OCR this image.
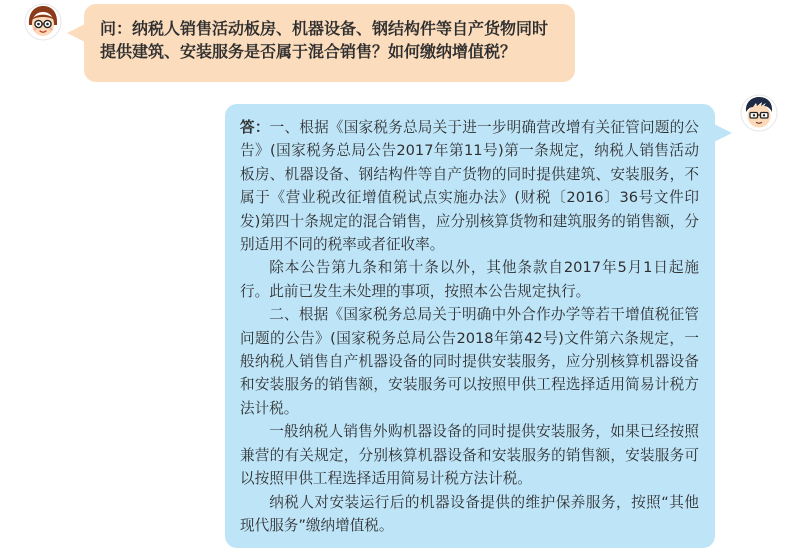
问：纳税人销售活动板房、机器设备、钢结构件等自产货物同时提供建筑、安装服务是否属于混合销售？如何缴纳增值税？

答：一、根据《国家税务总局关于进一步明确营改增有关征管问题的公告》(国家税务总局公告2017年第11号)第一条规定，纳税人销售活动板房、机器设备、钢结构件等自产货物的同时提供建筑、安装服务，不属于《营业税改征增值税试点实施办法》(财税〔2016〕36号文件印发)第四十条规定的混合销售，应分别核算货物和建筑服务的销售额，分别适用不同的税率或者征收率。

除本公告第九条和第十条以外，其他条款自2017年5月1日起施行。此前已发生未处理的事项，按照本公告规定执行。

二、根据《国家税务总局关于明确中外合作办学等若干增值税征管问题的公告》(国家税务总局公告2018年第42号)文件第六条规定，一般纳税人销售自产机器设备的同时提供安装服务，应分别核算机器设备和安装服务的销售额，安装服务可以按照甲供工程选择适用简易计税方法计税。

一般纳税人销售外购机器设备的同时提供安装服务，如果已经按照兼营的有关规定，分别核算机器设备和安装服务的销售额，安装服务可以按照甲供工程选择适用简易计税方法计税。

纳税人对安装运行后的机器设备提供的维护保养服务，按照“其他现代服务”缴纳增值税。
